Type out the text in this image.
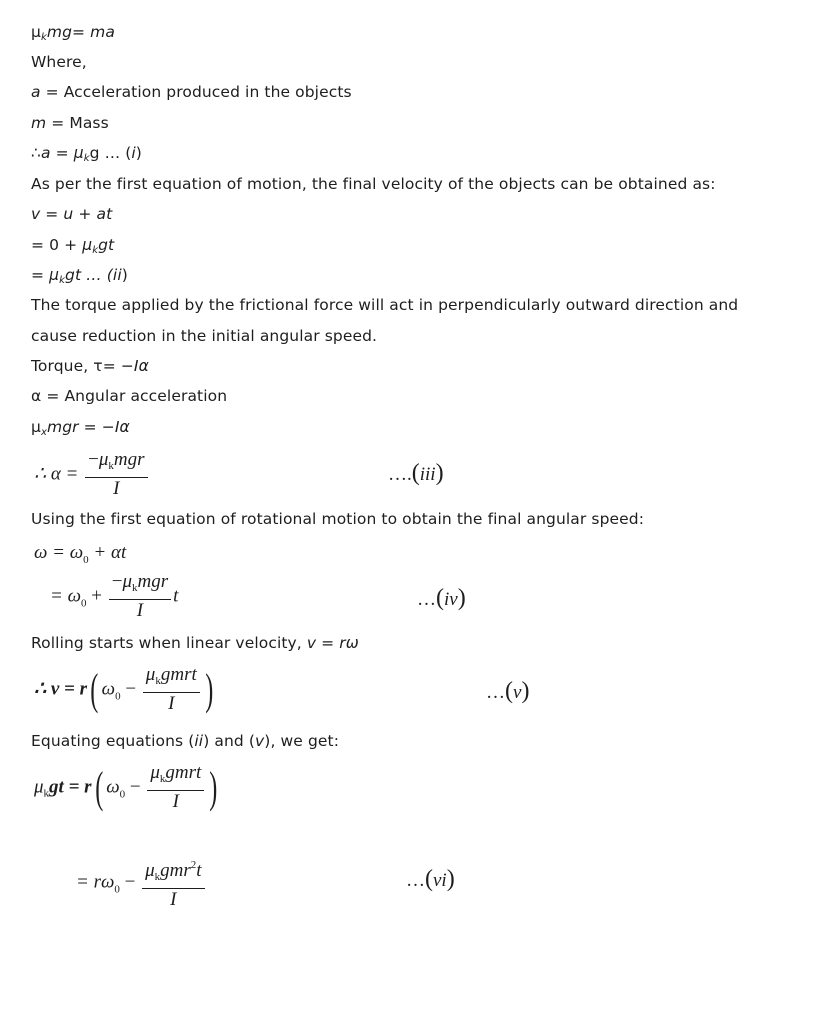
$\mu_kmg=$ ma
Where,
a = Acceleration produced in the objects
m = Mass
∴a = $\mu_kg$ … (i)
As per the first equation of motion, the final velocity of the objects can be obtained as:
v = u + at
= $0 + \mu_kgt$
= $\mu_kgt$ … (ii)
The torque applied by the frictional force will act in perpendicularly outward direction and
cause reduction in the initial angular speed.
Torque, τ= −Iα
α = Angular acceleration
$\mu_xmgr = -I\alpha$
∴ $\alpha = \frac{-\mu_kmgr}{I}$	….(iii)
Using the first equation of rotational motion to obtain the final angular speed:
$\omega = \omega_0 + \alpha t$
= $\omega_0 + \frac{-\mu_kmgr}{I}$ t	…(iv)
Rolling starts when linear velocity, v = rω
∴ v = r( $\omega_0 - \frac{\mu_kgmrt}{I}$ )	…(v)
Equating equations (ii) and (v), we get:
$\mu_kgt = r$( $\omega_0 - \frac{\mu_kgmrt}{I}$ )
= $r\omega_0 - \frac{\mu_kgmr^2t}{I}$	…(vi)
